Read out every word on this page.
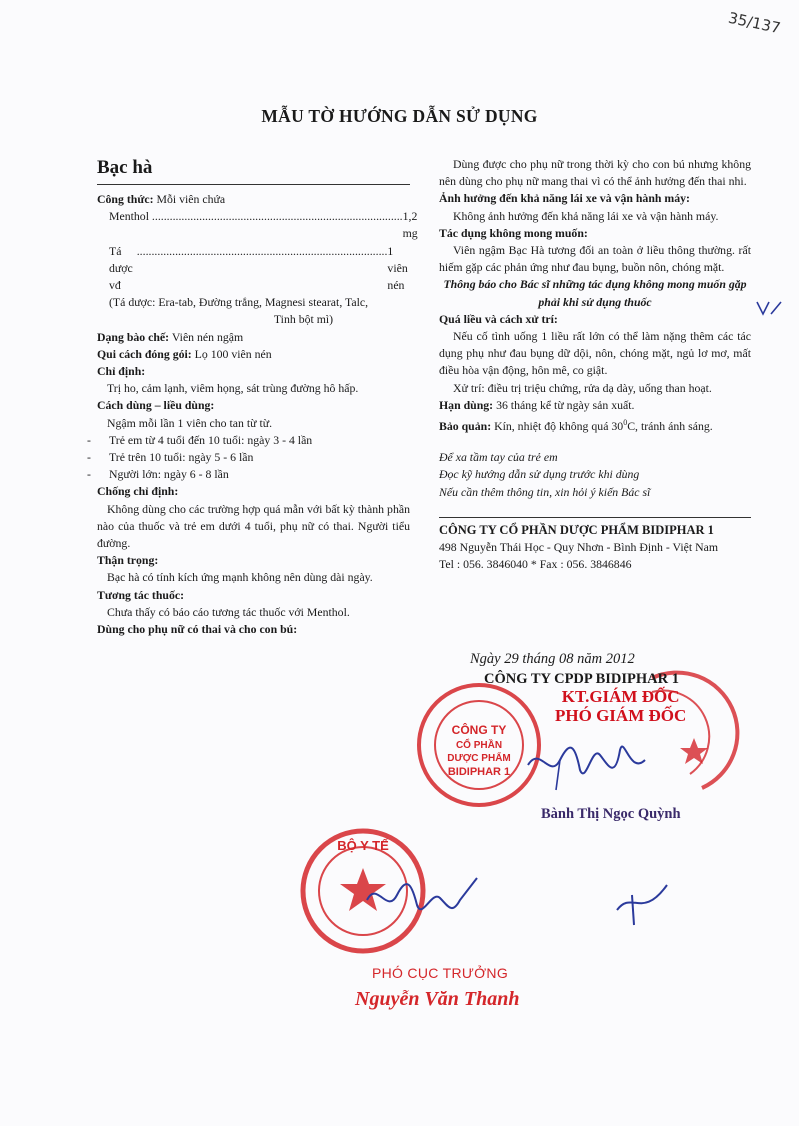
35/137
MẪU TỜ HƯỚNG DẪN SỬ DỤNG
Bạc hà
Công thức: Mỗi viên chứa
Menthol ..................................................................................... 1,2 mg
Tá dược vđ
..................................................................................... 1 viên nén
(Tá dược: Era-tab, Đường trắng, Magnesi stearat, Talc,
Tinh bột mì)
Dạng bào chế: Viên nén ngậm
Qui cách đóng gói: Lọ 100 viên nén
Chỉ định:
Trị ho, cảm lạnh, viêm họng, sát trùng đường hô hấp.
Cách dùng – liều dùng:
Ngậm mỗi lần 1 viên cho tan từ từ.
- Trẻ em từ 4 tuổi đến 10 tuổi: ngày 3 - 4 lần
- Trẻ trên 10 tuổi: ngày 5 - 6 lần
- Người lớn: ngày 6 - 8 lần
Chống chỉ định:
Không dùng cho các trường hợp quá mẫn với bất kỳ thành phần nào của thuốc và trẻ em dưới 4 tuổi, phụ nữ có thai. Người tiểu đường.
Thận trọng:
Bạc hà có tính kích ứng mạnh không nên dùng dài ngày.
Tương tác thuốc:
Chưa thấy có báo cáo tương tác thuốc với Menthol.
Dùng cho phụ nữ có thai và cho con bú:
Dùng được cho phụ nữ trong thời kỳ cho con bú nhưng không nên dùng cho phụ nữ mang thai vì có thể ảnh hưởng đến thai nhi.
Ảnh hưởng đến khả năng lái xe và vận hành máy:
Không ảnh hưởng đến khả năng lái xe và vận hành máy.
Tác dụng không mong muốn:
Viên ngậm Bạc Hà tương đối an toàn ở liều thông thường. rất hiếm gặp các phản ứng như đau bụng, buồn nôn, chóng mặt.
Thông báo cho Bác sĩ những tác dụng không mong muốn gặp phải khi sử dụng thuốc
Quá liều và cách xử trí:
Nếu cố tình uống 1 liều rất lớn có thể làm nặng thêm các tác dụng phụ như đau bụng dữ dội, nôn, chóng mặt, ngủ lơ mơ, mất điều hòa vận động, hôn mê, co giật.
Xử trí: điều trị triệu chứng, rửa dạ dày, uống than hoạt.
Hạn dùng: 36 tháng kể từ ngày sản xuất.
Bảo quản: Kín, nhiệt độ không quá $30^0C$, tránh ánh sáng.
Để xa tầm tay của trẻ em
Đọc kỹ hướng dẫn sử dụng trước khi dùng
Nếu cần thêm thông tin, xin hỏi ý kiến Bác sĩ
CÔNG TY CỔ PHẦN DƯỢC PHẨM BIDIPHAR 1
498 Nguyễn Thái Học - Quy Nhơn - Bình Định - Việt Nam
Tel : 056. 3846040 * Fax : 056. 3846846
CÔNG TY
CỔ PHẦN
DƯỢC PHẨM
BIDIPHAR 1
Ngày 29 tháng 08 năm 2012
CÔNG TY CPDP BIDIPHAR 1
KT.GIÁM ĐỐC
PHÓ GIÁM ĐỐC
Bành Thị Ngọc Quỳnh
BỘ Y TẾ
PHÓ CỤC TRƯỞNG
Nguyễn Văn Thanh
